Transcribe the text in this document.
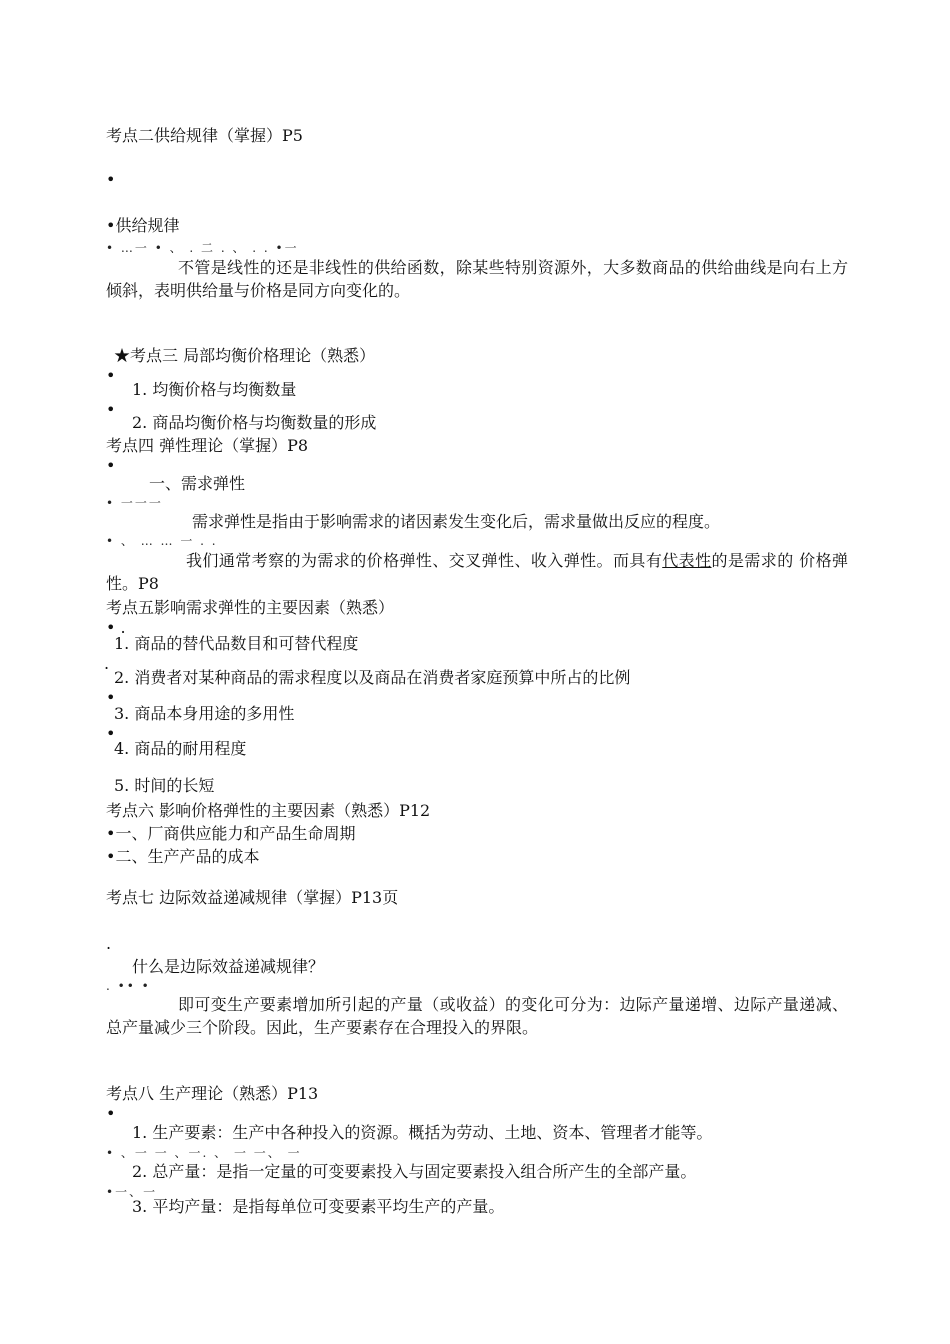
考点二供给规律（掌握）P5
•
•供给规律
• …一 • 、 . 二 . 、 . . •一
不管是线性的还是非线性的供给函数，除某些特别资源外，大多数商品的供给曲线是向右上方倾斜，表明供给量与价格是同方向变化的。
★考点三 局部均衡价格理论（熟悉）
•
1. 均衡价格与均衡数量
•
2. 商品均衡价格与均衡数量的形成
考点四 弹性理论（掌握）P8
•
一、需求弹性
• 一一一
需求弹性是指由于影响需求的诸因素发生变化后，需求量做出反应的程度。
• 、 … … 一 . .
我们通常考察的为需求的价格弹性、交叉弹性、收入弹性。而具有代表性的是需求的 价格弹性。P8
考点五影响需求弹性的主要因素（熟悉）
• .
1. 商品的替代品数目和可替代程度
.
2. 消费者对某种商品的需求程度以及商品在消费者家庭预算中所占的比例
•
3. 商品本身用途的多用性
•
4. 商品的耐用程度
5. 时间的长短
考点六 影响价格弹性的主要因素（熟悉）P12
•一、厂商供应能力和产品生命周期
•二、生产产品的成本
考点七 边际效益递减规律（掌握）P13页
.
什么是边际效益递减规律？
. •• •
即可变生产要素增加所引起的产量（或收益）的变化可分为：边际产量递增、边际产量递减、总产量减少三个阶段。因此，生产要素存在合理投入的界限。
考点八 生产理论（熟悉）P13
•
1. 生产要素：生产中各种投入的资源。概括为劳动、土地、资本、管理者才能等。
• 、一 一 、一. 、 一 一、 一
2. 总产量：是指一定量的可变要素投入与固定要素投入组合所产生的全部产量。
•一、一
3. 平均产量：是指每单位可变要素平均生产的产量。
